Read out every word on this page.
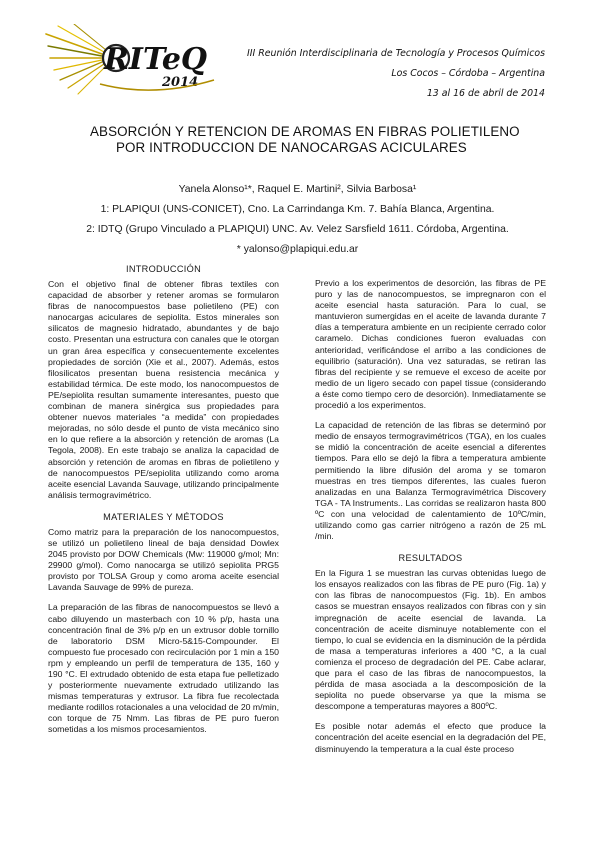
RITeQ
2014
III Reunión Interdisciplinaria de Tecnología y Procesos Químicos
Los Cocos – Córdoba – Argentina
13 al 16 de abril de 2014
ABSORCIÓN Y RETENCION DE AROMAS EN FIBRAS POLIETILENO
POR INTRODUCCION DE NANOCARGAS ACICULARES
Yanela Alonso¹*, Raquel E. Martini², Silvia Barbosa¹
1: PLAPIQUI (UNS-CONICET), Cno. La Carrindanga Km. 7. Bahía Blanca, Argentina.
2: IDTQ (Grupo Vinculado a PLAPIQUI) UNC. Av. Velez Sarsfield 1611. Córdoba, Argentina.
* yalonso@plapiqui.edu.ar
INTRODUCCIÓN
Con el objetivo final de obtener fibras textiles con capacidad de absorber y retener aromas se formularon fibras de nanocompuestos base polietileno (PE) con nanocargas aciculares de sepiolita. Estos minerales son silicatos de magnesio hidratado, abundantes y de bajo costo. Presentan una estructura con canales que le otorgan un gran área específica y consecuentemente excelentes propiedades de sorción (Xie et al., 2007). Además, estos filosilicatos presentan buena resistencia mecánica y estabilidad térmica. De este modo, los nanocompuestos de PE/sepiolita resultan sumamente interesantes, puesto que combinan de manera sinérgica sus propiedades para obtener nuevos materiales “a medida” con propiedades mejoradas, no sólo desde el punto de vista mecánico sino en lo que refiere a la absorción y retención de aromas (La Tegola, 2008). En este trabajo se analiza la capacidad de absorción y retención de aromas en fibras de polietileno y de nanocompuestos PE/sepiolita utilizando como aroma aceite esencial Lavanda Sauvage, utilizando principalmente análisis termogravimétrico.
MATERIALES Y MÉTODOS
Como matriz para la preparación de los nanocompuestos, se utilizó un polietileno lineal de baja densidad Dowlex 2045 provisto por DOW Chemicals (Mw: 119000 g/mol; Mn: 29900 g/mol). Como nanocarga se utilizó sepiolita PRG5 provisto por TOLSA Group y como aroma aceite esencial Lavanda Sauvage de 99% de pureza.
La preparación de las fibras de nanocompuestos se llevó a cabo diluyendo un masterbach con 10 % p/p, hasta una concentración final de 3% p/p en un extrusor doble tornillo de laboratorio DSM Micro-5&15-Compounder. El compuesto fue procesado con recirculación por 1 min a 150 rpm y empleando un perfil de temperatura de 135, 160 y 190 °C. El extrudado obtenido de esta etapa fue pelletizado y posteriormente nuevamente extrudado utilizando las mismas temperaturas y extrusor. La fibra fue recolectada mediante rodillos rotacionales a una velocidad de 20 m/min, con torque de 75 Nmm. Las fibras de PE puro fueron sometidas a los mismos procesamientos.
Previo a los experimentos de desorción, las fibras de PE puro y las de nanocompuestos, se impregnaron con el aceite esencial hasta saturación. Para lo cual, se mantuvieron sumergidas en el aceite de lavanda durante 7 días a temperatura ambiente en un recipiente cerrado color caramelo. Dichas condiciones fueron evaluadas con anterioridad, verificándose el arribo a las condiciones de equilibrio (saturación). Una vez saturadas, se retiran las fibras del recipiente y se remueve el exceso de aceite por medio de un ligero secado con papel tissue (considerando a éste como tiempo cero de desorción). Inmediatamente se procedió a los experimentos.
La capacidad de retención de las fibras se determinó por medio de ensayos termogravimétricos (TGA), en los cuales se midió la concentración de aceite esencial a diferentes tiempos. Para ello se dejó la fibra a temperatura ambiente permitiendo la libre difusión del aroma y se tomaron muestras en tres tiempos diferentes, las cuales fueron analizadas en una Balanza Termogravimétrica Discovery TGA - TA Instruments.. Las corridas se realizaron hasta 800 ºC con una velocidad de calentamiento de 10ºC/min, utilizando como gas carrier nitrógeno a razón de 25 mL /min.
RESULTADOS
En la Figura 1 se muestran las curvas obtenidas luego de los ensayos realizados con las fibras de PE puro (Fig. 1a) y con las fibras de nanocompuestos (Fig. 1b). En ambos casos se muestran ensayos realizados con fibras con y sin impregnación de aceite esencial de lavanda. La concentración de aceite disminuye notablemente con el tiempo, lo cual se evidencia en la disminución de la pérdida de masa a temperaturas inferiores a 400 °C, a la cual comienza el proceso de degradación del PE. Cabe aclarar, que para el caso de las fibras de nanocompuestos, la pérdida de masa asociada a la descomposición de la sepiolita no puede observarse ya que la misma se descompone a temperaturas mayores a 800ºC.
Es posible notar además el efecto que produce la concentración del aceite esencial en la degradación del PE, disminuyendo la temperatura a la cual éste proceso
